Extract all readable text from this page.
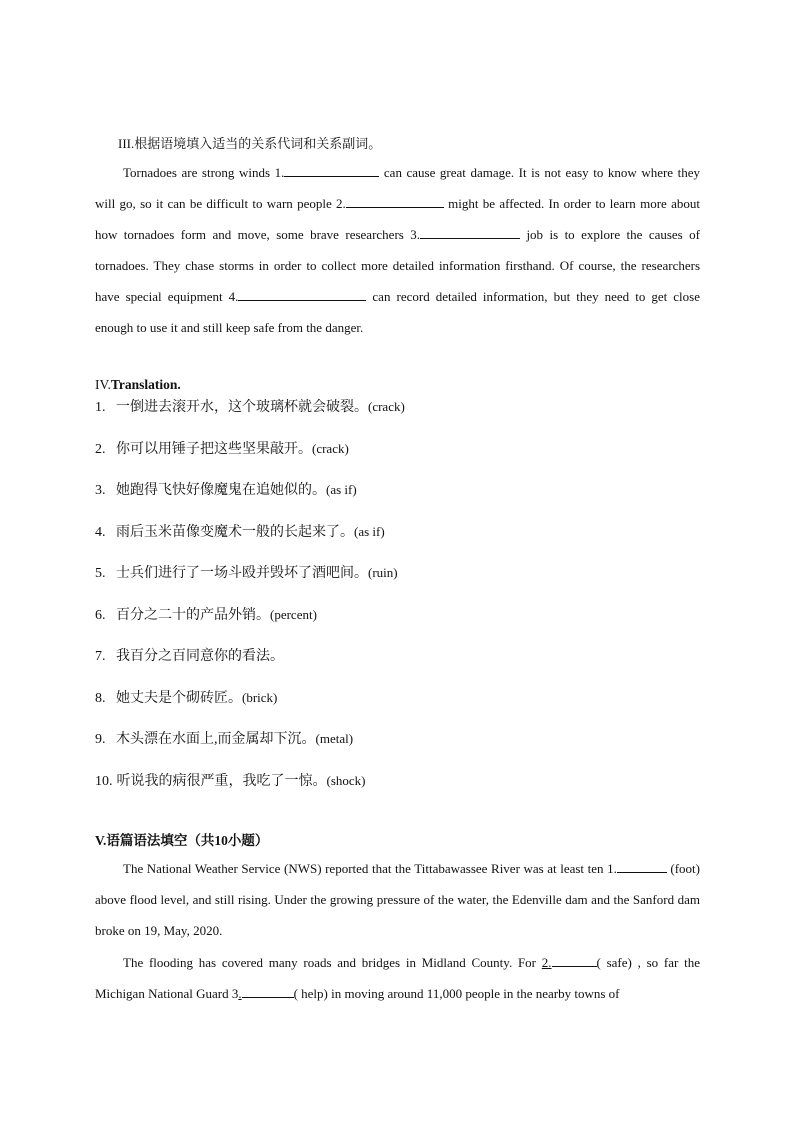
III.根据语境填入适当的关系代词和关系副词。
Tornadoes are strong winds 1.	can cause great damage. It is not easy to know where they will go, so it can be difficult to warn people 2.	might be affected. In order to learn more about how tornadoes form and move, some brave researchers 3.	job is to explore the causes of tornadoes. They chase storms in order to collect more detailed information firsthand. Of course, the researchers have special equipment 4.	can record detailed information, but they need to get close enough to use it and still keep safe from the danger.
IV.Translation.
1. 一倒进去滚开水，这个玻璃杯就会破裂。(crack)
2. 你可以用锤子把这些坚果敲开。(crack)
3. 她跑得飞快好像魔鬼在追她似的。(as if)
4. 雨后玉米苗像变魔术一般的长起来了。(as if)
5. 士兵们进行了一场斗殴并毁坏了酒吧间。(ruin)
6. 百分之二十的产品外销。(percent)
7. 我百分之百同意你的看法。
8. 她丈夫是个砌砖匠。(brick)
9. 木头漂在水面上,而金属却下沉。(metal)
10. 听说我的病很严重，我吃了一惊。(shock)
V.语篇语法填空（共10小题）
The National Weather Service (NWS) reported that the Tittabawassee River was at least ten 1.	(foot) above flood level, and still rising. Under the growing pressure of the water, the Edenville dam and the Sanford dam broke on 19, May, 2020.
The flooding has covered many roads and bridges in Midland County. For 2.	( safe) , so far the Michigan National Guard 3.	( help) in moving around 11,000 people in the nearby towns of
